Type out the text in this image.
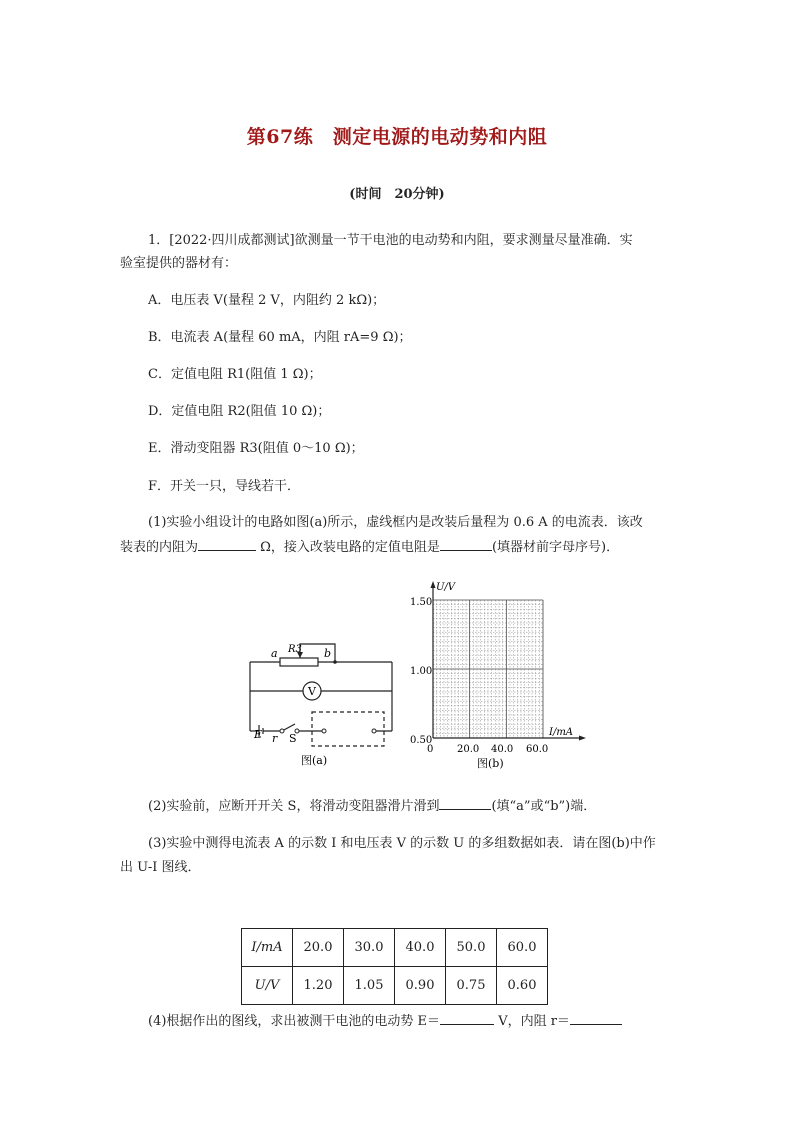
第67练　测定电源的电动势和内阻
(时间　20分钟)
1．[2022·四川成都测试]欲测量一节干电池的电动势和内阻，要求测量尽量准确．实
验室提供的器材有：
A．电压表 V(量程 2 V，内阻约 2 kΩ)；
B．电流表 A(量程 60 mA，内阻 rA=9 Ω)；
C．定值电阻 R1(阻值 1 Ω)；
D．定值电阻 R2(阻值 10 Ω)；
E．滑动变阻器 R3(阻值 0～10 Ω)；
F．开关一只，导线若干．
(1)实验小组设计的电路如图(a)所示，虚线框内是改装后量程为 0.6 A 的电流表．该改
装表的内阻为	Ω，接入改装电路的定值电阻是	(填器材前字母序号)．
a R3 b
V
E r S
图(a)
U/V
I/mA
1.50
1.00
0.50
0 20.0 40.0 60.0
图(b)
(2)实验前，应断开开关 S，将滑动变阻器滑片滑到	(填“a”或“b”)端．
(3)实验中测得电流表 A 的示数 I 和电压表 V 的示数 U 的多组数据如表．请在图(b)中作
出 U-I 图线．
I/mA	20.0	30.0	40.0	50.0	60.0
U/V	1.20	1.05	0.90	0.75	0.60
(4)根据作出的图线，求出被测干电池的电动势 E＝	V，内阻 r＝
